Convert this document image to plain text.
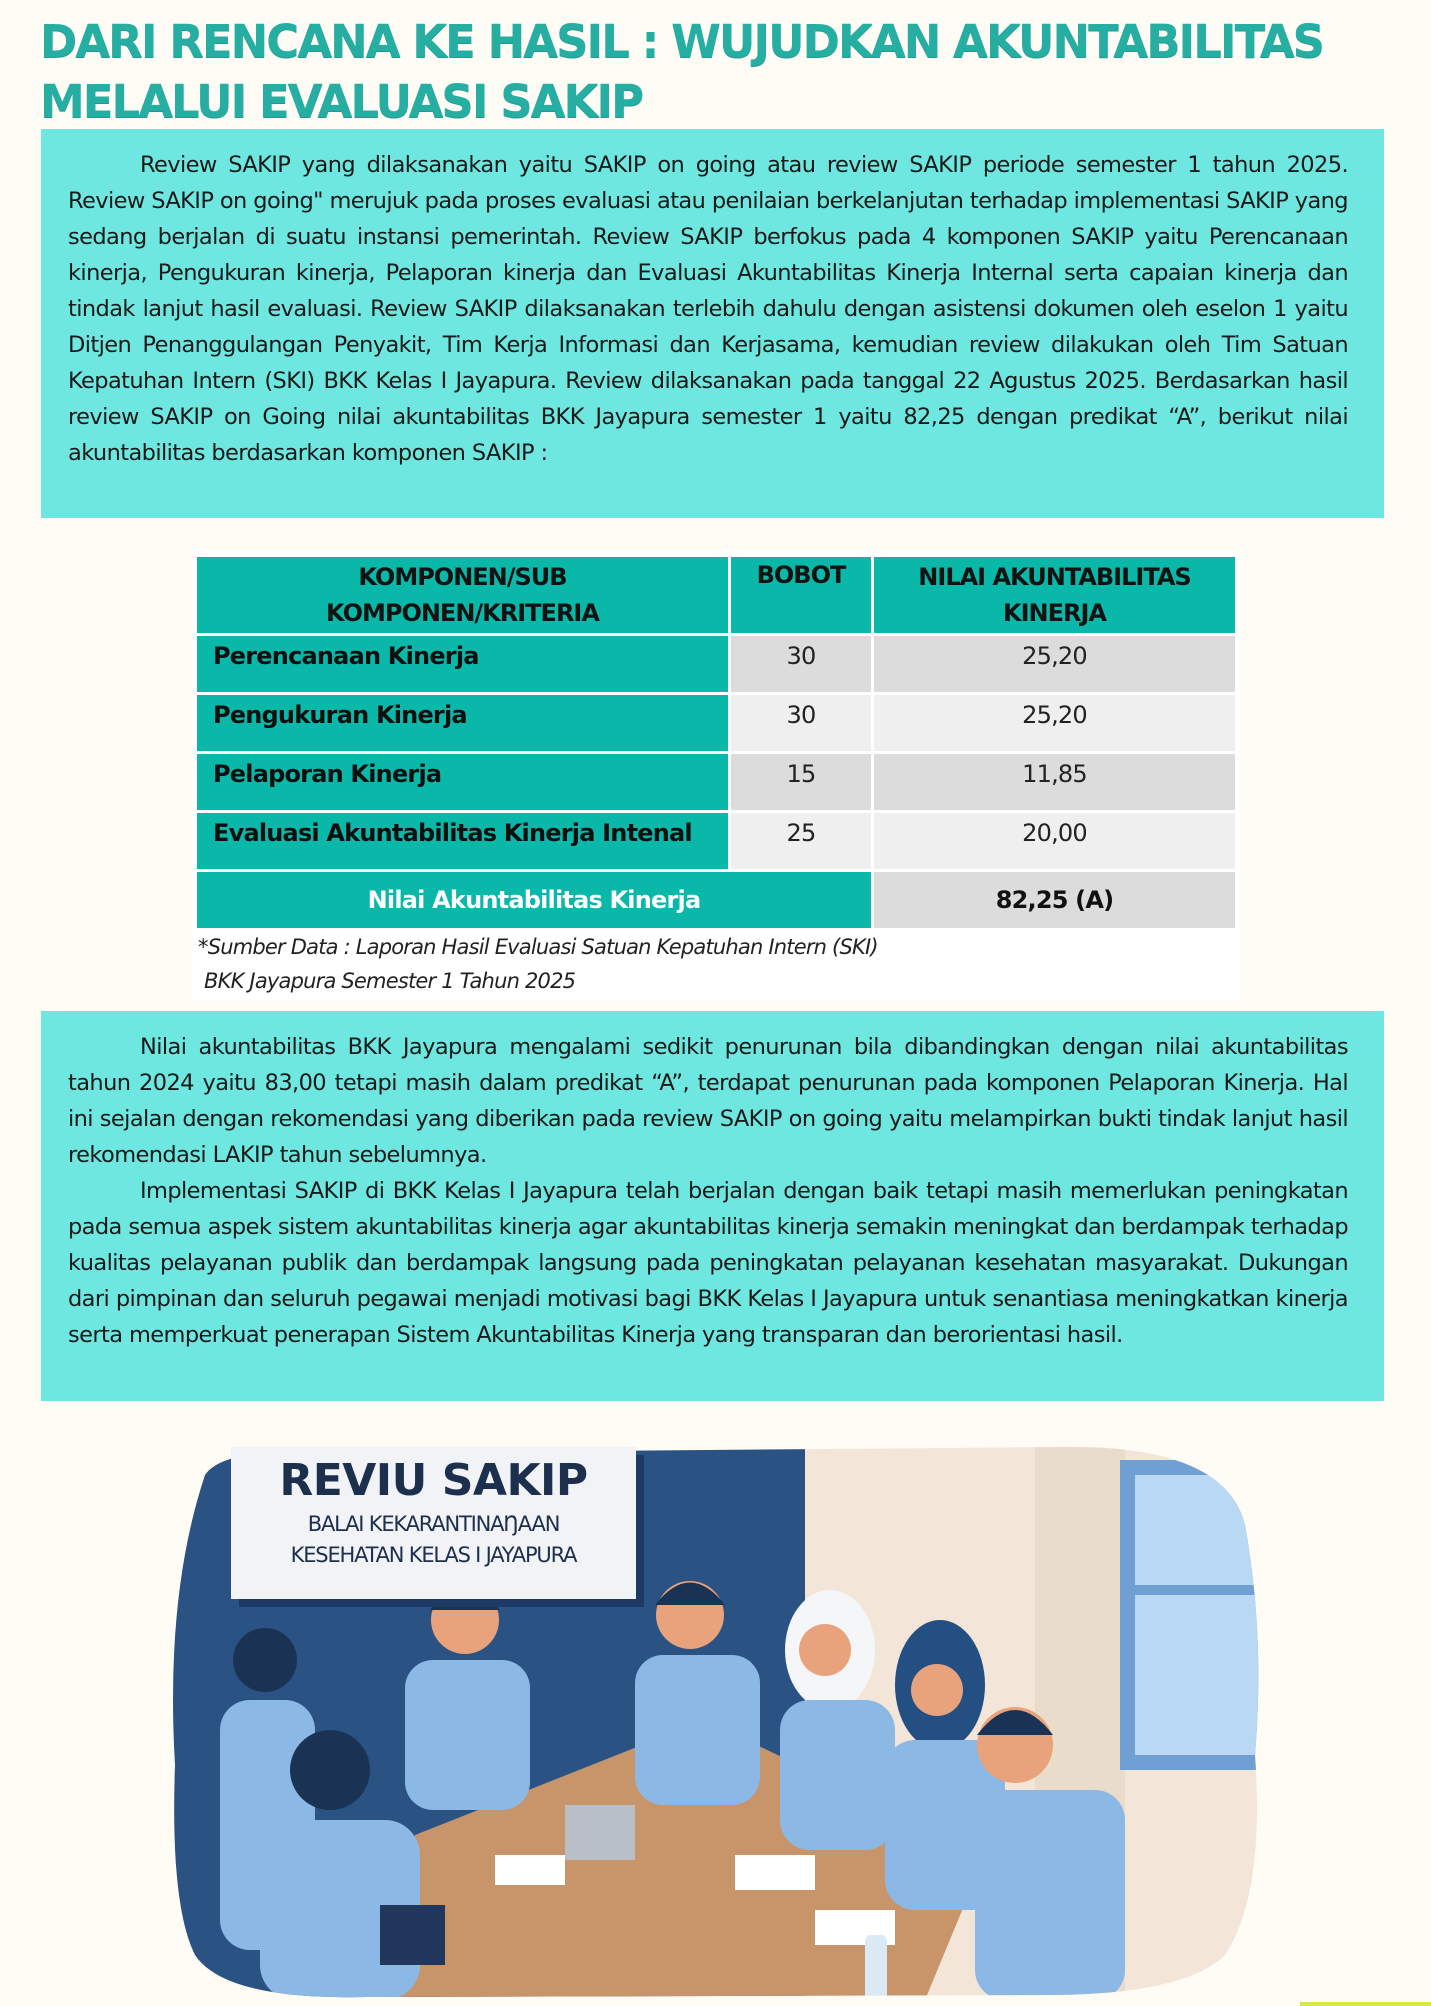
DARI RENCANA KE HASIL : WUJUDKAN AKUNTABILITAS
MELALUI EVALUASI SAKIP

Review SAKIP yang dilaksanakan yaitu SAKIP on going atau review SAKIP periode semester 1 tahun 2025. Review SAKIP on going" merujuk pada proses evaluasi atau penilaian berkelanjutan terhadap implementasi SAKIP yang sedang berjalan di suatu instansi pemerintah. Review SAKIP berfokus pada 4 komponen SAKIP yaitu Perencanaan kinerja, Pengukuran kinerja, Pelaporan kinerja dan Evaluasi Akuntabilitas Kinerja Internal serta capaian kinerja dan tindak lanjut hasil evaluasi. Review SAKIP dilaksanakan terlebih dahulu dengan asistensi dokumen oleh eselon 1 yaitu Ditjen Penanggulangan Penyakit, Tim Kerja Informasi dan Kerjasama, kemudian review dilakukan oleh Tim Satuan Kepatuhan Intern (SKI) BKK Kelas I Jayapura. Review dilaksanakan pada tanggal 22 Agustus 2025. Berdasarkan hasil review SAKIP on Going nilai akuntabilitas BKK Jayapura semester 1 yaitu 82,25 dengan predikat “A”, berikut nilai akuntabilitas berdasarkan komponen SAKIP :

KOMPONEN/SUB
KOMPONEN/KRITERIA	BOBOT	NILAI AKUNTABILITAS
KINERJA
Perencanaan Kinerja	30	25,20
Pengukuran Kinerja	30	25,20
Pelaporan Kinerja	15	11,85
Evaluasi Akuntabilitas Kinerja Intenal	25	20,00
Nilai Akuntabilitas Kinerja		82,25 (A)
*Sumber Data : Laporan Hasil Evaluasi Satuan Kepatuhan Intern (SKI)
BKK Jayapura Semester 1 Tahun 2025

Nilai akuntabilitas BKK Jayapura mengalami sedikit penurunan bila dibandingkan dengan nilai akuntabilitas tahun 2024 yaitu 83,00 tetapi masih dalam predikat “A”, terdapat penurunan pada komponen Pelaporan Kinerja. Hal ini sejalan dengan rekomendasi yang diberikan pada review SAKIP on going yaitu melampirkan bukti tindak lanjut hasil rekomendasi LAKIP tahun sebelumnya.

Implementasi SAKIP di BKK Kelas I Jayapura telah berjalan dengan baik tetapi masih memerlukan peningkatan pada semua aspek sistem akuntabilitas kinerja agar akuntabilitas kinerja semakin meningkat dan berdampak terhadap kualitas pelayanan publik dan berdampak langsung pada peningkatan pelayanan kesehatan masyarakat. Dukungan dari pimpinan dan seluruh pegawai menjadi motivasi bagi BKK Kelas I Jayapura untuk senantiasa meningkatkan kinerja serta memperkuat penerapan Sistem Akuntabilitas Kinerja yang transparan dan berorientasi hasil.

REVIU SAKIP
BALAI KEKARANTINAŊAAN
KESEHATAN KELAS I JAYAPURA
